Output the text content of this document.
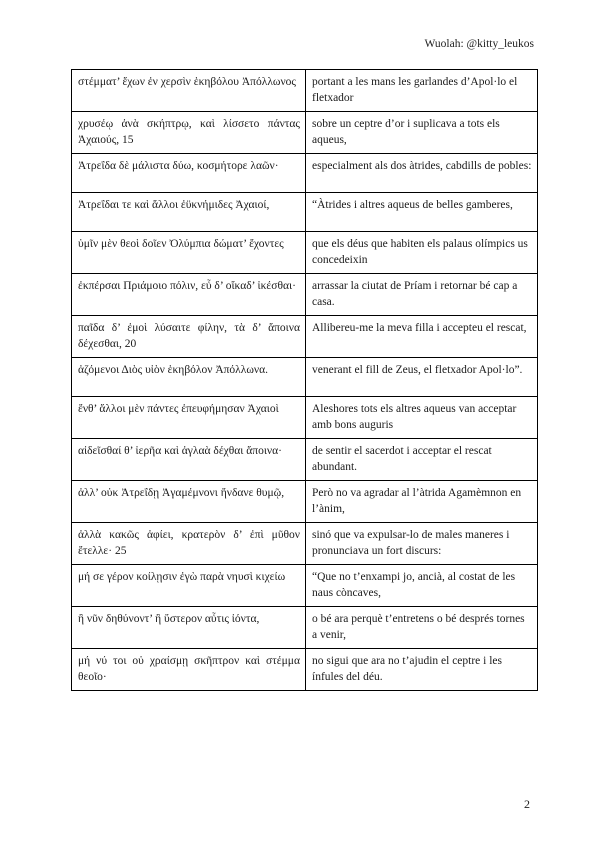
Wuolah: @kitty_leukos
στέμματ’ ἔχων ἐν χερσὶν ἑκηβόλου Ἀπόλλωνος	portant a les mans les garlandes d’Apol·lo el fletxador
χρυσέῳ ἀνὰ σκήπτρῳ, καὶ λίσσετο πάντας Ἀχαιούς, 15	sobre un ceptre d’or i suplicava a tots els aqueus,
Ἀτρεΐδα δὲ μάλιστα δύω, κοσμήτορε λαῶν·	especialment als dos àtrides, cabdills de pobles:
Ἀτρεΐδαι τε καὶ ἄλλοι ἐϋκνήμιδες Ἀχαιοί,	“Àtrides i altres aqueus de belles gamberes,
ὑμῖν μὲν θεοὶ δοῖεν Ὀλύμπια δώματ’ ἔχοντες	que els déus que habiten els palaus olímpics us concedeixin
ἐκπέρσαι Πριάμοιο πόλιν, εὖ δ’ οἴκαδ’ ἱκέσθαι·	arrassar la ciutat de Príam i retornar bé cap a casa.
παῖδα δ’ ἐμοὶ λύσαιτε φίλην, τὰ δ’ ἄποινα δέχεσθαι, 20	Allibereu-me la meva filla i accepteu el rescat,
ἁζόμενοι Διὸς υἱὸν ἑκηβόλον Ἀπόλλωνα.	venerant el fill de Zeus, el fletxador Apol·lo”.
ἔνθ’ ἄλλοι μὲν πάντες ἐπευφήμησαν Ἀχαιοὶ	Aleshores tots els altres aqueus van acceptar amb bons auguris
αἰδεῖσθαί θ’ ἱερῆα καὶ ἀγλαὰ δέχθαι ἄποινα·	de sentir el sacerdot i acceptar el rescat abundant.
ἀλλ’ οὐκ Ἀτρεΐδῃ Ἀγαμέμνονι ἥνδανε θυμῷ,	Però no va agradar al l’àtrida Agamèmnon en l’ànim,
ἀλλὰ κακῶς ἀφίει, κρατερὸν δ’ ἐπὶ μῦθον ἔτελλε· 25	sinó que va expulsar-lo de males maneres i pronunciava un fort discurs:
μή σε γέρον κοίλῃσιν ἐγὼ παρὰ νηυσὶ κιχείω	“Que no t’enxampi jo, ancià, al costat de les naus còncaves,
ἢ νῦν δηθύνοντ’ ἢ ὕστερον αὖτις ἰόντα,	o bé ara perquè t’entretens o bé després tornes a venir,
μή νύ τοι οὐ χραίσμῃ σκῆπτρον καὶ στέμμα θεοῖο·	no sigui que ara no t’ajudin el ceptre i les ínfules del déu.
2
